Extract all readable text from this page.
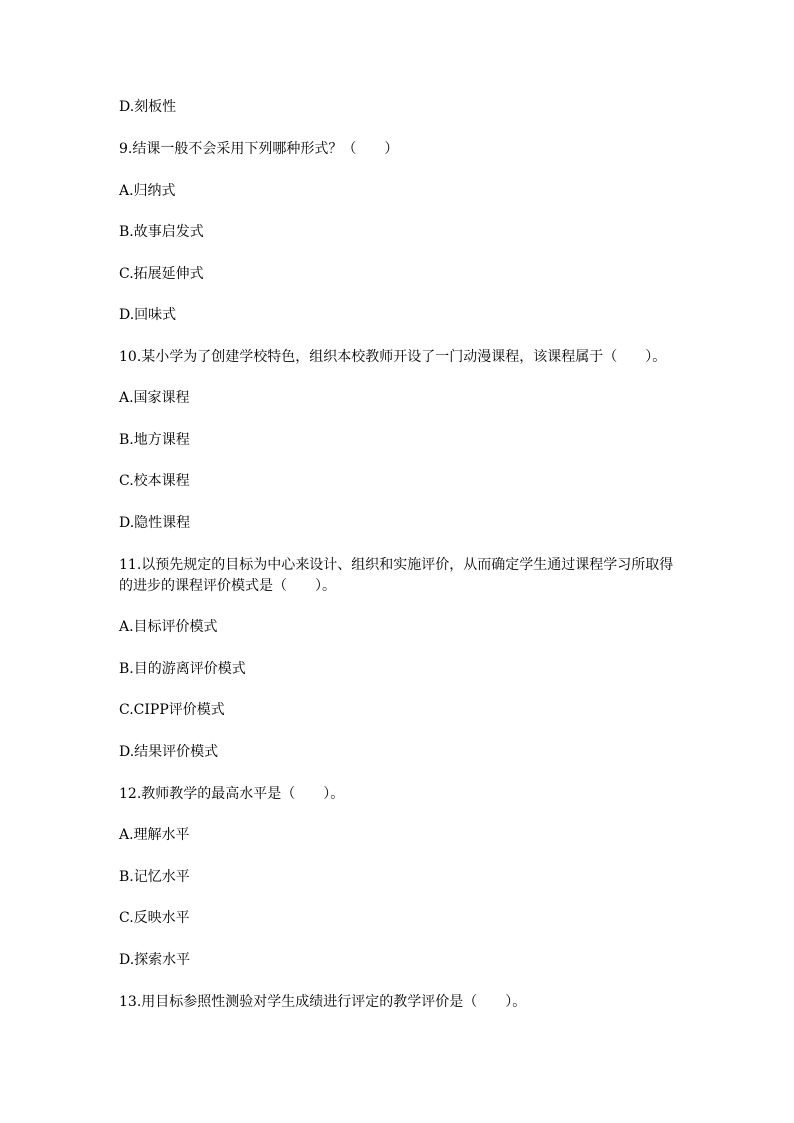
D.刻板性
9.结课一般不会采用下列哪种形式？（　　）
A.归纳式
B.故事启发式
C.拓展延伸式
D.回味式
10.某小学为了创建学校特色，组织本校教师开设了一门动漫课程，该课程属于（　　）。
A.国家课程
B.地方课程
C.校本课程
D.隐性课程
11.以预先规定的目标为中心来设计、组织和实施评价，从而确定学生通过课程学习所取得
的进步的课程评价模式是（　　）。
A.目标评价模式
B.目的游离评价模式
C.CIPP评价模式
D.结果评价模式
12.教师教学的最高水平是（　　）。
A.理解水平
B.记忆水平
C.反映水平
D.探索水平
13.用目标参照性测验对学生成绩进行评定的教学评价是（　　）。
